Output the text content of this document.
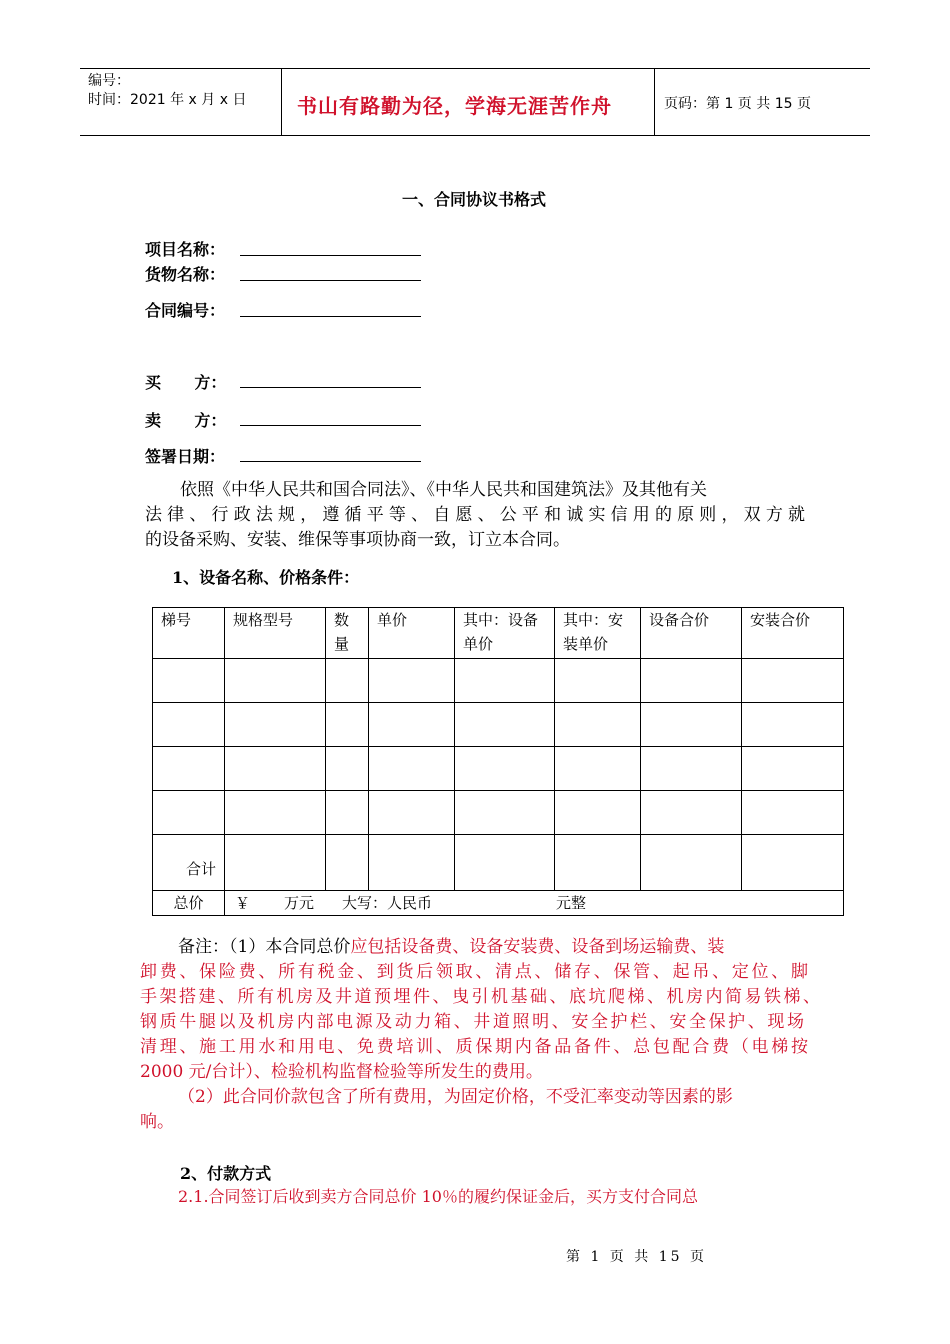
编号：
时间：2021 年 x 月 x 日	书山有路勤为径，学海无涯苦作舟	页码：第 1 页 共 15 页
一、合同协议书格式
项目名称：
货物名称：
合同编号：
买      方：
卖      方：
签署日期：
依照《中华人民共和国合同法》、《中华人民共和国建筑法》及其他有关
法律、行政法规，遵循平等、自愿、公平和诚实信用的原则，双方就
的设备采购、安装、维保等事项协商一致，订立本合同。
1、设备名称、价格条件：
梯号	规格型号	数量	单价	其中：设备单价	其中：安装单价	设备合价	安装合价

合计							
总价	￥ 万元 大写：人民币 元整						
备注：（1）本合同总价应包括设备费、设备安装费、设备到场运输费、装
卸费、保险费、所有税金、到货后领取、清点、储存、保管、起吊、定位、脚
手架搭建、所有机房及井道预埋件、曳引机基础、底坑爬梯、机房内简易铁梯、
钢质牛腿以及机房内部电源及动力箱、井道照明、安全护栏、安全保护、现场
清理、施工用水和用电、免费培训、质保期内备品备件、总包配合费（电梯按
2000 元/台计）、检验机构监督检验等所发生的费用。
（2）此合同价款包含了所有费用，为固定价格，不受汇率变动等因素的影
响。
2、付款方式
2.1.合同签订后收到卖方合同总价 10％的履约保证金后，买方支付合同总
第 1 页 共 15 页
